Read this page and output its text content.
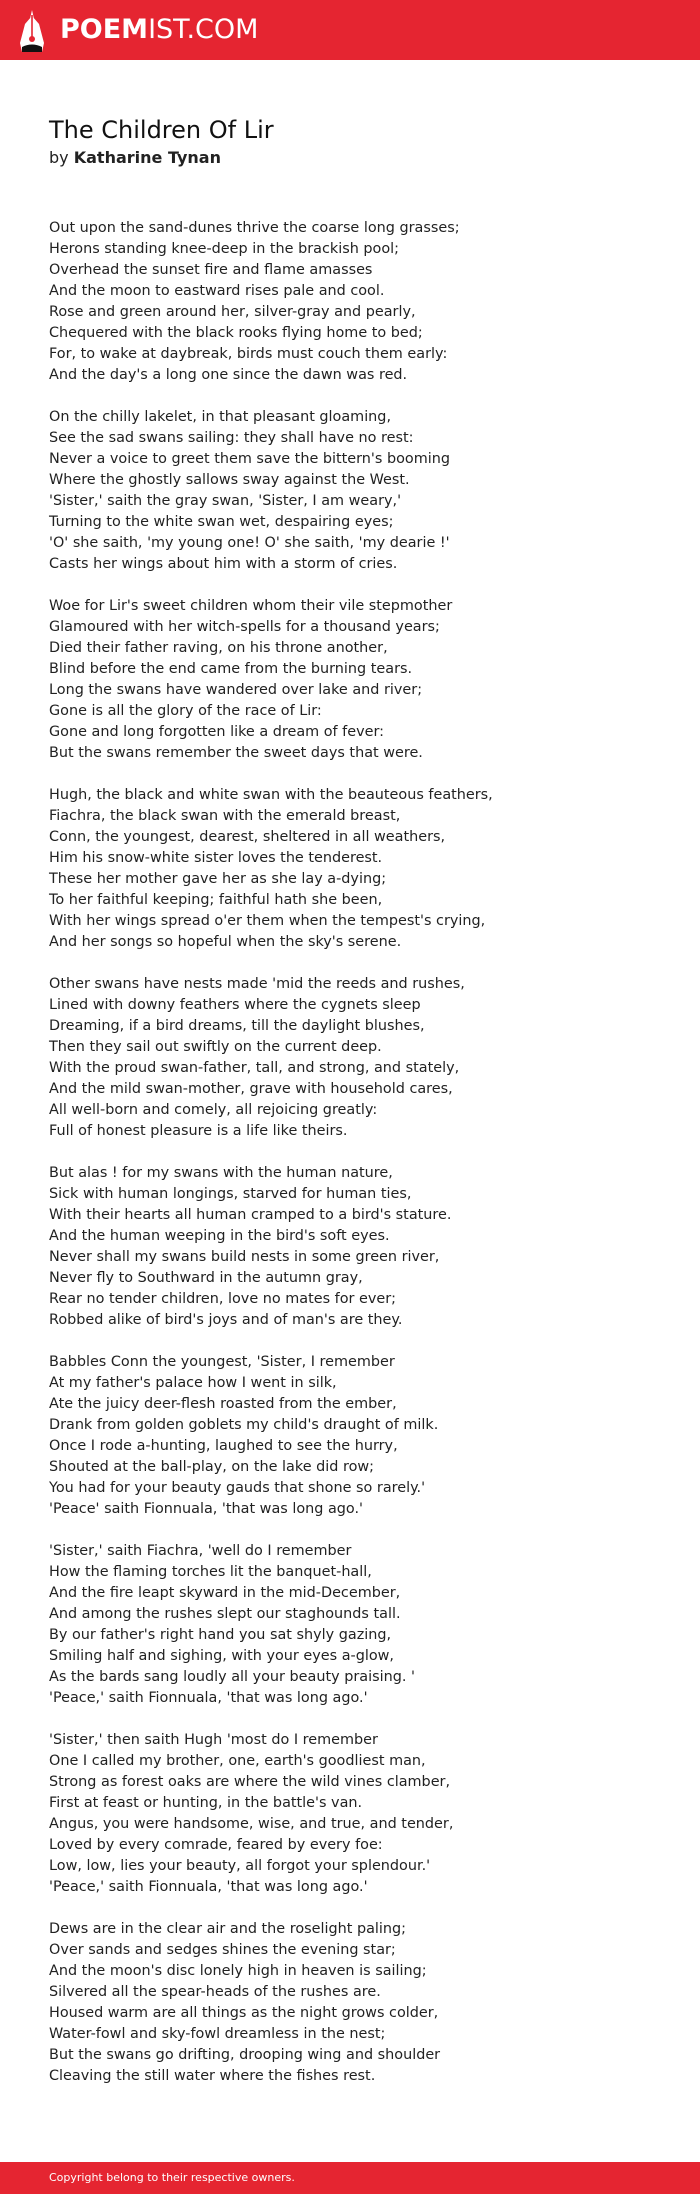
POEMIST.COM
The Children Of Lir
by Katharine Tynan
Out upon the sand-dunes thrive the coarse long grasses;
Herons standing knee-deep in the brackish pool;
Overhead the sunset fire and flame amasses
And the moon to eastward rises pale and cool.
Rose and green around her, silver-gray and pearly,
Chequered with the black rooks flying home to bed;
For, to wake at daybreak, birds must couch them early:
And the day's a long one since the dawn was red.
On the chilly lakelet, in that pleasant gloaming,
See the sad swans sailing: they shall have no rest:
Never a voice to greet them save the bittern's booming
Where the ghostly sallows sway against the West.
'Sister,' saith the gray swan, 'Sister, I am weary,'
Turning to the white swan wet, despairing eyes;
'O' she saith, 'my young one! O' she saith, 'my dearie !'
Casts her wings about him with a storm of cries.
Woe for Lir's sweet children whom their vile stepmother
Glamoured with her witch-spells for a thousand years;
Died their father raving, on his throne another,
Blind before the end came from the burning tears.
Long the swans have wandered over lake and river;
Gone is all the glory of the race of Lir:
Gone and long forgotten like a dream of fever:
But the swans remember the sweet days that were.
Hugh, the black and white swan with the beauteous feathers,
Fiachra, the black swan with the emerald breast,
Conn, the youngest, dearest, sheltered in all weathers,
Him his snow-white sister loves the tenderest.
These her mother gave her as she lay a-dying;
To her faithful keeping; faithful hath she been,
With her wings spread o'er them when the tempest's crying,
And her songs so hopeful when the sky's serene.
Other swans have nests made 'mid the reeds and rushes,
Lined with downy feathers where the cygnets sleep
Dreaming, if a bird dreams, till the daylight blushes,
Then they sail out swiftly on the current deep.
With the proud swan-father, tall, and strong, and stately,
And the mild swan-mother, grave with household cares,
All well-born and comely, all rejoicing greatly:
Full of honest pleasure is a life like theirs.
But alas ! for my swans with the human nature,
Sick with human longings, starved for human ties,
With their hearts all human cramped to a bird's stature.
And the human weeping in the bird's soft eyes.
Never shall my swans build nests in some green river,
Never fly to Southward in the autumn gray,
Rear no tender children, love no mates for ever;
Robbed alike of bird's joys and of man's are they.
Babbles Conn the youngest, 'Sister, I remember
At my father's palace how I went in silk,
Ate the juicy deer-flesh roasted from the ember,
Drank from golden goblets my child's draught of milk.
Once I rode a-hunting, laughed to see the hurry,
Shouted at the ball-play, on the lake did row;
You had for your beauty gauds that shone so rarely.'
'Peace' saith Fionnuala, 'that was long ago.'
'Sister,' saith Fiachra, 'well do I remember
How the flaming torches lit the banquet-hall,
And the fire leapt skyward in the mid-December,
And among the rushes slept our staghounds tall.
By our father's right hand you sat shyly gazing,
Smiling half and sighing, with your eyes a-glow,
As the bards sang loudly all your beauty praising. '
'Peace,' saith Fionnuala, 'that was long ago.'
'Sister,' then saith Hugh 'most do I remember
One I called my brother, one, earth's goodliest man,
Strong as forest oaks are where the wild vines clamber,
First at feast or hunting, in the battle's van.
Angus, you were handsome, wise, and true, and tender,
Loved by every comrade, feared by every foe:
Low, low, lies your beauty, all forgot your splendour.'
'Peace,' saith Fionnuala, 'that was long ago.'
Dews are in the clear air and the roselight paling;
Over sands and sedges shines the evening star;
And the moon's disc lonely high in heaven is sailing;
Silvered all the spear-heads of the rushes are.
Housed warm are all things as the night grows colder,
Water-fowl and sky-fowl dreamless in the nest;
But the swans go drifting, drooping wing and shoulder
Cleaving the still water where the fishes rest.
Copyright belong to their respective owners.
